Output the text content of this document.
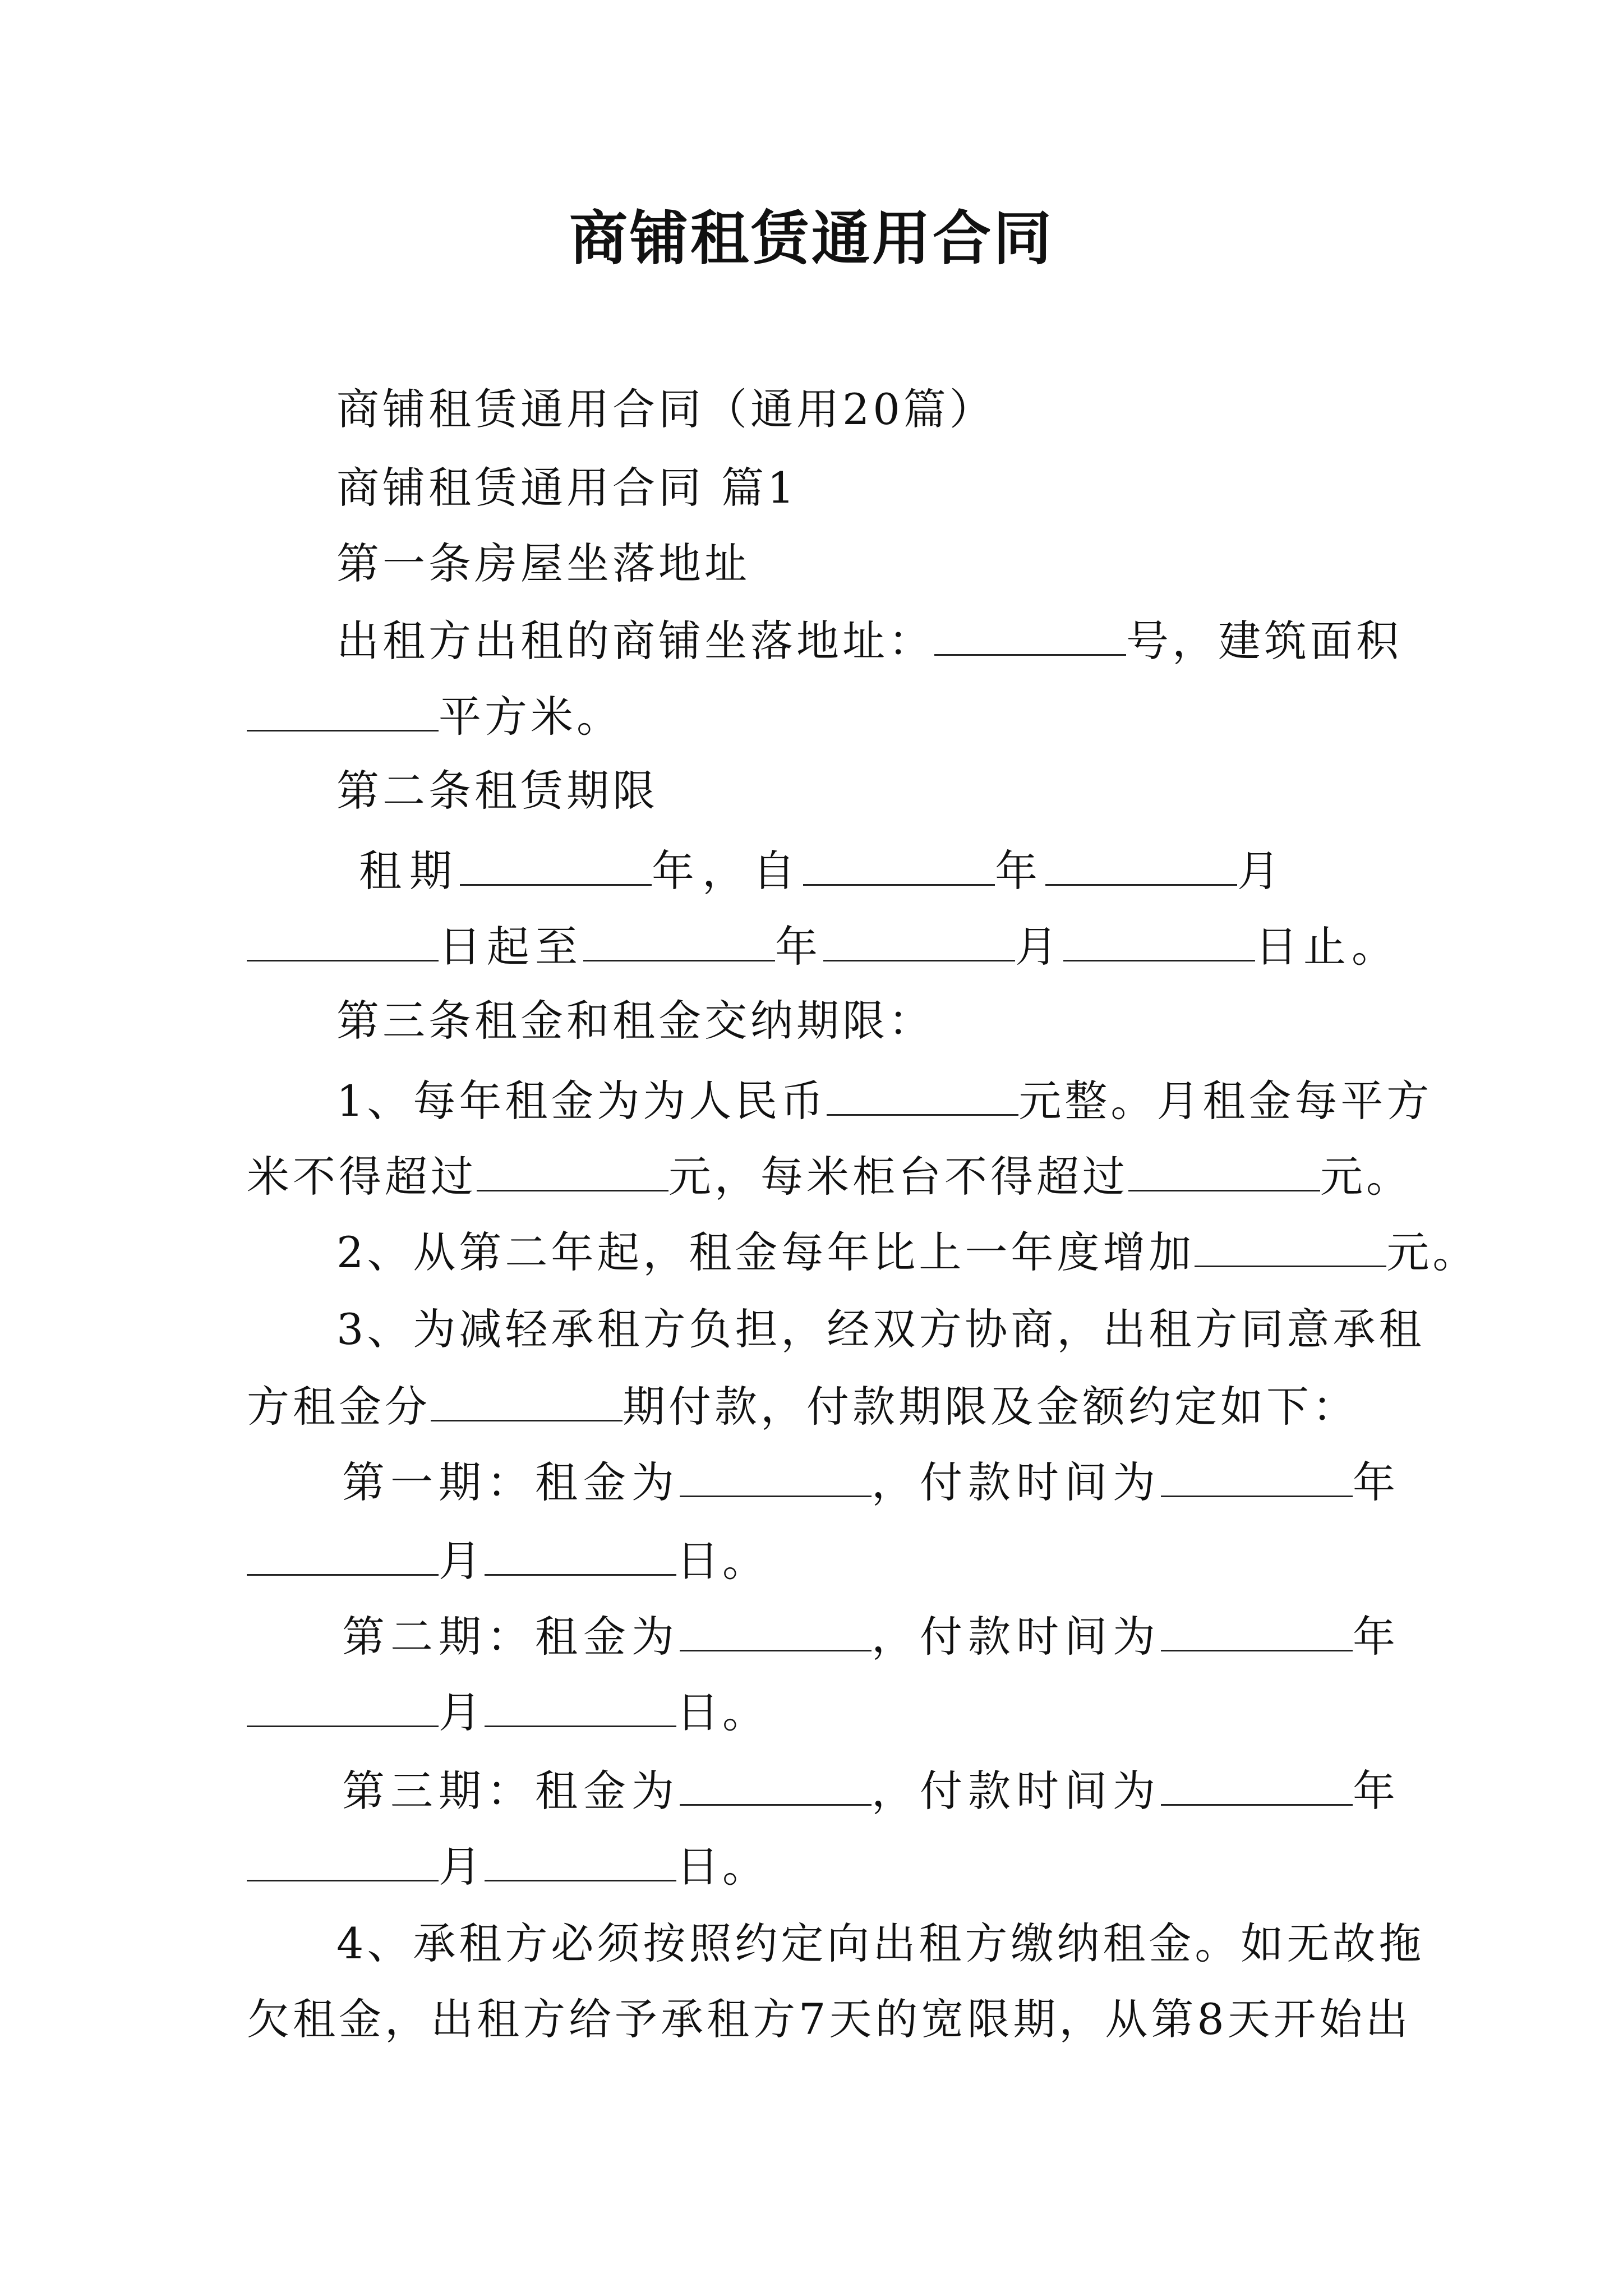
商铺租赁通用合同
商铺租赁通用合同（通用20篇）
商铺租赁通用合同 篇1
第一条房屋坐落地址
出租方出租的商铺坐落地址：	号，建筑面积
平方米。
第二条租赁期限
租期	年，自	年	月
日起至	年	月	日止。
第三条租金和租金交纳期限：
1、每年租金为为人民币	元整。月租金每平方
米不得超过	元，每米柜台不得超过	元。
2、从第二年起，租金每年比上一年度增加	元。
3、为减轻承租方负担，经双方协商，出租方同意承租
方租金分	期付款，付款期限及金额约定如下：
第一期：租金为	，付款时间为	年
月	日。
第二期：租金为	，付款时间为	年
月	日。
第三期：租金为	，付款时间为	年
月	日。
4、承租方必须按照约定向出租方缴纳租金。如无故拖
欠租金，出租方给予承租方7天的宽限期，从第8天开始出
